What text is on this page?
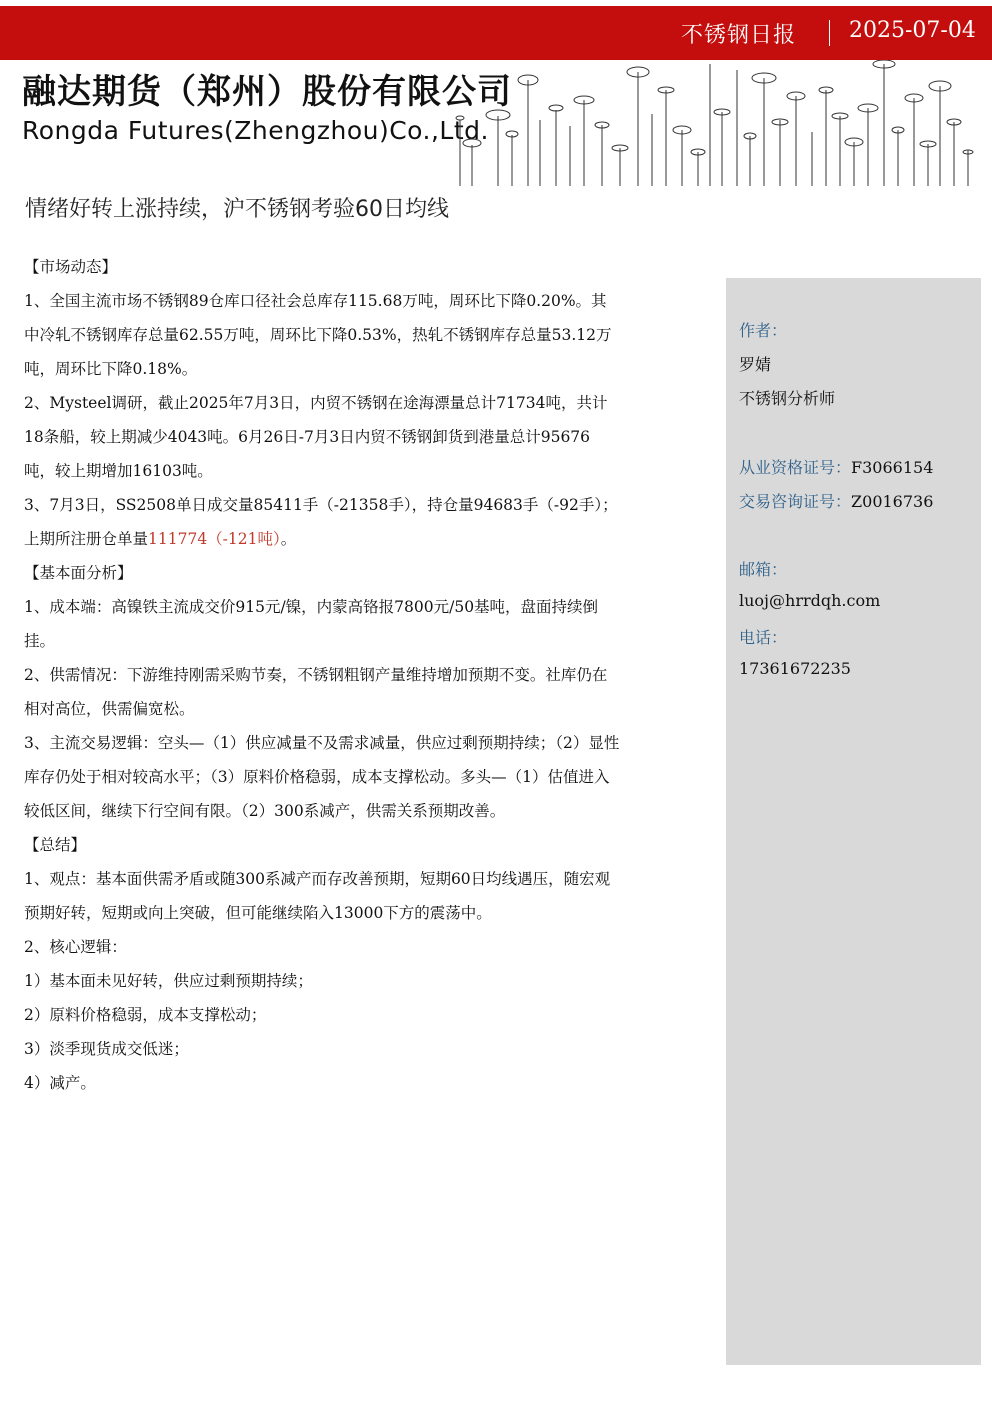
不锈钢日报 2025-07-04
融达期货（郑州）股份有限公司
Rongda Futures(Zhengzhou)Co.,Ltd.
情绪好转上涨持续，沪不锈钢考验60日均线
【市场动态】

1、全国主流市场不锈钢89仓库口径社会总库存115.68万吨，周环比下降0.20%。其中冷轧不锈钢库存总量62.55万吨，周环比下降0.53%，热轧不锈钢库存总量53.12万吨，周环比下降0.18%。

2、Mysteel调研，截止2025年7月3日，内贸不锈钢在途海漂量总计71734吨，共计18条船，较上期减少4043吨。6月26日-7月3日内贸不锈钢卸货到港量总计95676吨，较上期增加16103吨。

3、7月3日，SS2508单日成交量85411手（-21358手），持仓量94683手（-92手）；上期所注册仓单量111774（-121吨）。

【基本面分析】

1、成本端：高镍铁主流成交价915元/镍，内蒙高铬报7800元/50基吨，盘面持续倒挂。

2、供需情况：下游维持刚需采购节奏，不锈钢粗钢产量维持增加预期不变。社库仍在相对高位，供需偏宽松。

3、主流交易逻辑：空头—（1）供应减量不及需求减量，供应过剩预期持续；（2）显性库存仍处于相对较高水平；（3）原料价格稳弱，成本支撑松动。多头—（1）估值进入较低区间，继续下行空间有限。（2）300系减产，供需关系预期改善。

【总结】

1、观点：基本面供需矛盾或随300系减产而存改善预期，短期60日均线遇压，随宏观预期好转，短期或向上突破，但可能继续陷入13000下方的震荡中。

2、核心逻辑：

1）基本面未见好转，供应过剩预期持续；

2）原料价格稳弱，成本支撑松动；

3）淡季现货成交低迷；

4）减产。

作者：
罗婧
不锈钢分析师
从业资格证号：F3066154
交易咨询证号：Z0016736
邮箱：
luoj@hrrdqh.com
电话：
17361672235
